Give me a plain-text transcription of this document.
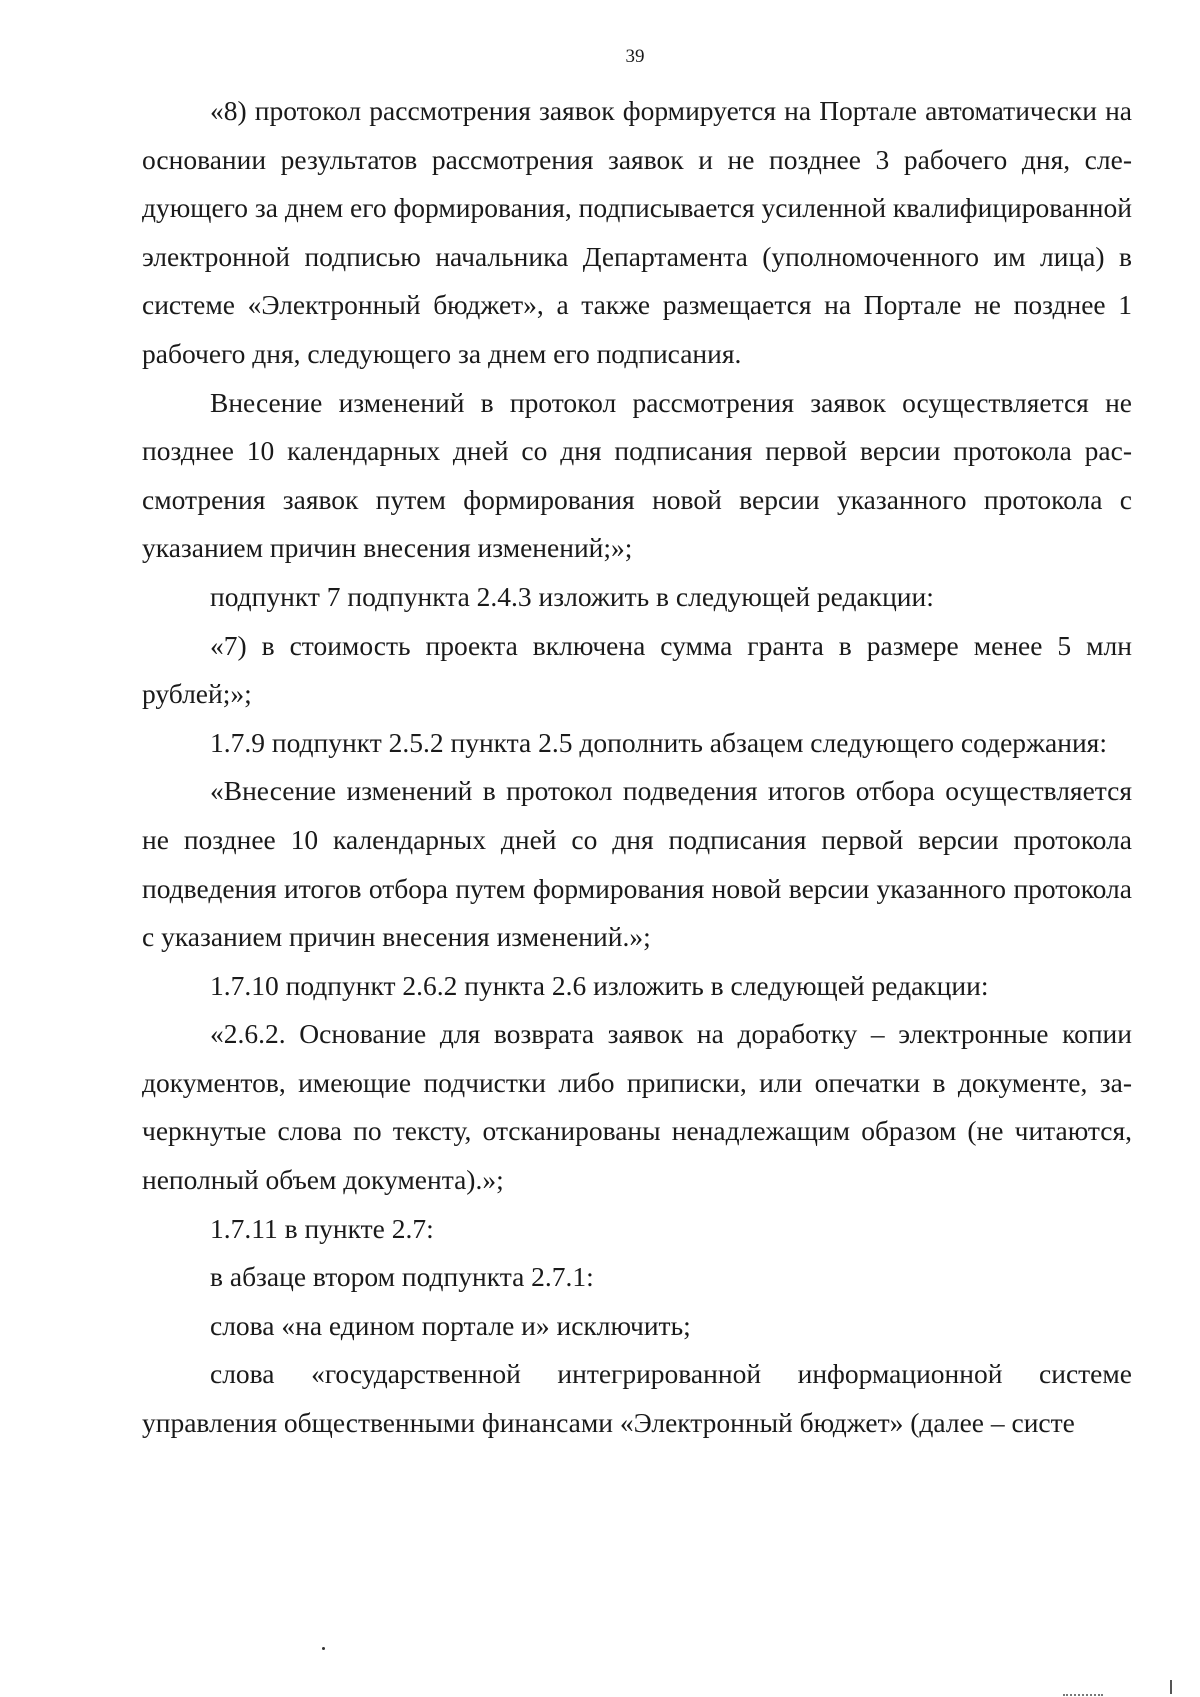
39

«8) протокол рассмотрения заявок формируется на Портале автоматически на основании результатов рассмотрения заявок и не позднее 3 рабочего дня, следующего за днем его формирования, подписывается усиленной квалифицированной электронной подписью начальника Департамента (уполномоченного им лица) в системе «Электронный бюджет», а также размещается на Портале не позднее 1 рабочего дня, следующего за днем его подписания.

Внесение изменений в протокол рассмотрения заявок осуществляется не позднее 10 календарных дней со дня подписания первой версии протокола рассмотрения заявок путем формирования новой версии указанного протокола с указанием причин внесения изменений;»;

подпункт 7 подпункта 2.4.3 изложить в следующей редакции:

«7) в стоимость проекта включена сумма гранта в размере менее 5 млн рублей;»;

1.7.9 подпункт 2.5.2 пункта 2.5 дополнить абзацем следующего содержания:

«Внесение изменений в протокол подведения итогов отбора осуществляется не позднее 10 календарных дней со дня подписания первой версии протокола подведения итогов отбора путем формирования новой версии указанного протокола с указанием причин внесения изменений.»;

1.7.10 подпункт 2.6.2 пункта 2.6 изложить в следующей редакции:

«2.6.2. Основание для возврата заявок на доработку – электронные копии документов, имеющие подчистки либо приписки, или опечатки в документе, зачеркнутые слова по тексту, отсканированы ненадлежащим образом (не читаются, неполный объем документа).»;

1.7.11 в пункте 2.7:

в абзаце втором подпункта 2.7.1:

слова «на едином портале и» исключить;

слова «государственной интегрированной информационной системе управления общественными финансами «Электронный бюджет» (далее – систе
